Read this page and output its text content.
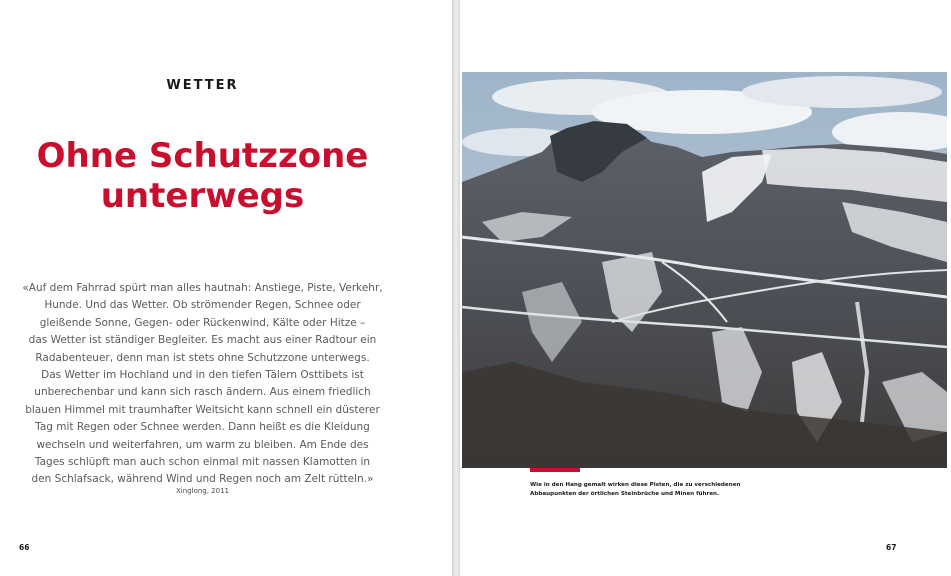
WETTER
Ohne Schutzzone
unterwegs
«Auf dem Fahrrad spürt man alles hautnah: Anstiege, Piste, Verkehr,
Hunde. Und das Wetter. Ob strömender Regen, Schnee oder
gleißende Sonne, Gegen- oder Rückenwind, Kälte oder Hitze –
das Wetter ist ständiger Begleiter. Es macht aus einer Radtour ein
Radabenteuer, denn man ist stets ohne Schutzzone unterwegs.
Das Wetter im Hochland und in den tiefen Tälern Osttibets ist
unberechenbar und kann sich rasch ändern. Aus einem friedlich
blauen Himmel mit traumhafter Weitsicht kann schnell ein düsterer
Tag mit Regen oder Schnee werden. Dann heißt es die Kleidung
wechseln und weiterfahren, um warm zu bleiben. Am Ende des
Tages schlüpft man auch schon einmal mit nassen Klamotten in
den Schlafsack, während Wind und Regen noch am Zelt rütteln.»
Xinglong, 2011
66
Wie in den Hang gemalt wirken diese Pisten, die zu verschiedenen
Abbaupunkten der örtlichen Steinbrüche und Minen führen.
67
